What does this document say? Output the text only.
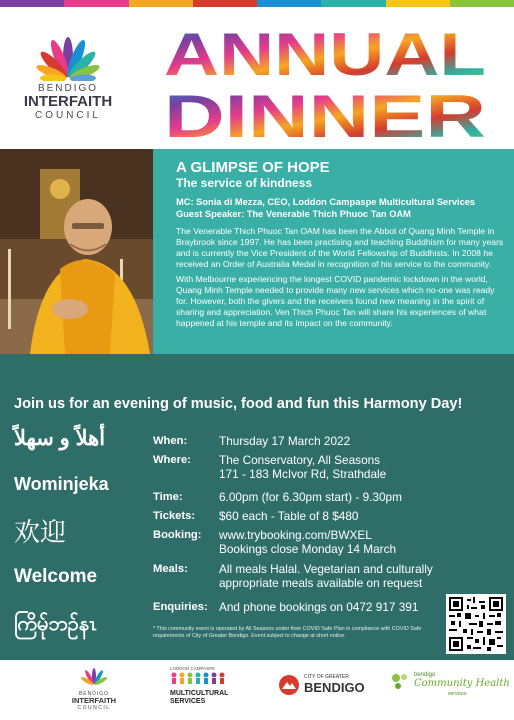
BENDIGO
INTERFAITH
COUNCIL
ANNUAL
DINNER
A GLIMPSE OF HOPE
The service of kindness
MC: Sonia di Mezza, CEO, Loddon Campaspe Multicultural Services
Guest Speaker: The Venerable Thich Phuoc Tan OAM
The Venerable Thich Phuoc Tan OAM has been the Abbot of Quang Minh Temple in Braybrook since 1997. He has been practising and teaching Buddhism for many years and is currently the Vice President of the World Fellowship of Buddhists. In 2008 he received an Order of Australia Medal in recognition of his service to the community.
With Melbourne experiencing the longest COVID pandemic lockdown in the world, Quang Minh Temple needed to provide many new services which no-one was ready for. However, both the givers and the receivers found new meaning in the spirit of sharing and appreciation. Ven Thich Phuoc Tan will share his experiences of what happened at his temple and its impact on the community.
Join us for an evening of music, food and fun this Harmony Day!
أهلاً و سهلاً
Wominjeka
欢迎
Welcome
ကြိမ်ုဘဉ်နၤ
When:	Thursday 17 March 2022
Where: The Conservatory, All Seasons
171 - 183 McIvor Rd, Strathdale
Time:	6.00pm (for 6.30pm start) - 9.30pm
Tickets: $60 each - Table of 8 $480
Booking: www.trybooking.com/BWXEL
Bookings close Monday 14 March
Meals:	All meals Halal. Vegetarian and culturally
appropriate meals available on request
Enquiries: And phone bookings on 0472 917 391
* This community event is operated by All Seasons under their COVID Safe Plan in compliance with COVID Safe requirements of City of Greater Bendigo. Event subject to change at short notice.
BENDIGO
INTERFAITH
COUNCIL
LODDON CAMPASPE
MULTICULTURAL
SERVICES
CITY OF GREATER
BENDIGO
bendigo
Community Health
services
